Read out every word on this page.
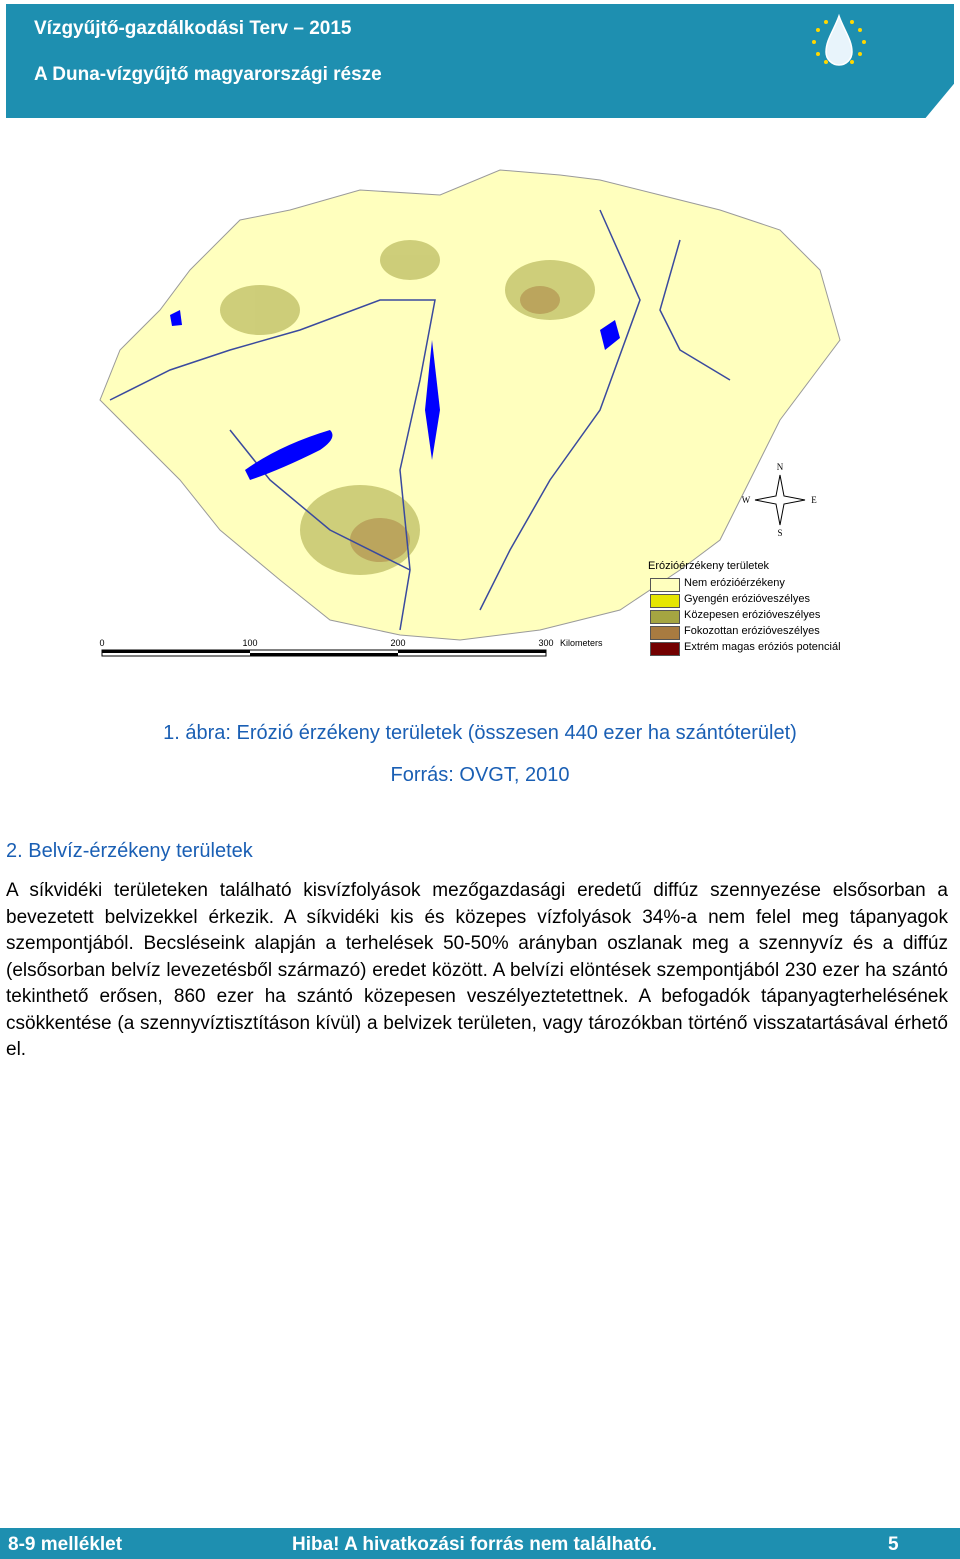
Vízgyűjtő-gazdálkodási Terv – 2015
A Duna-vízgyűjtő magyarországi része
N
S
E
W
0	100	200	300 Kilometers
Erózióérzékeny területek
Nem erózióérzékeny
Gyengén erózióveszélyes
Közepesen erózióveszélyes
Fokozottan erózióveszélyes
Extrém magas eróziós potenciál
1. ábra: Erózió érzékeny területek (összesen 440 ezer ha szántóterület)
Forrás: OVGT, 2010
2. Belvíz-érzékeny területek
A síkvidéki területeken található kisvízfolyások mezőgazdasági eredetű diffúz szennyezése elsősorban a bevezetett belvizekkel érkezik. A síkvidéki kis és közepes vízfolyások 34%-a nem felel meg tápanyagok szempontjából. Becsléseink alapján a terhelések 50-50% arányban oszlanak meg a szennyvíz és a diffúz (elsősorban belvíz levezetésből származó) eredet között. A belvízi elöntések szempontjából 230 ezer ha szántó tekinthető erősen, 860 ezer ha szántó közepesen veszélyeztetettnek. A befogadók tápanyagterhelésének csökkentése (a szennyvíztisztításon kívül) a belvizek területen, vagy tározókban történő visszatartásával érhető el.
8-9 melléklet	Hiba! A hivatkozási forrás nem található.	5
